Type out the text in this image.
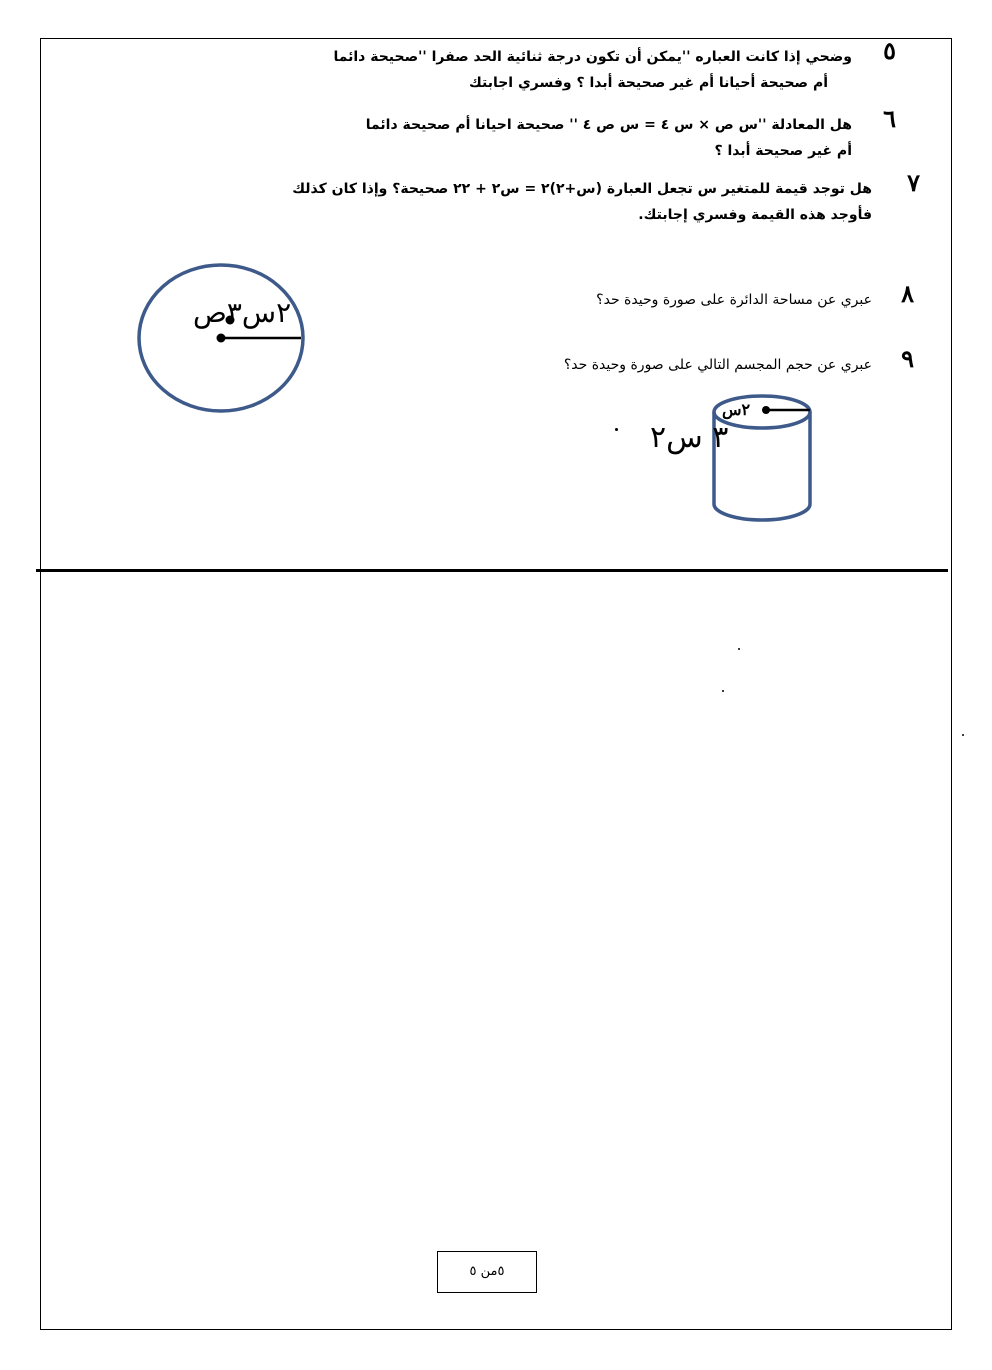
٥
وضحي إذا كانت العباره ''يمكن أن تكون درجة ثنائية الحد صفرا ''صحيحة دائما
أم صحيحة أحيانا أم غير صحيحة أبدا ؟ وفسري اجابتك
٦
هل المعادلة ''س ص × س ٤ = س ص ٤ '' صحيحة احيانا أم صحيحة دائما
أم غير صحيحة أبدا ؟
٧
هل توجد قيمة للمتغير س تجعل العبارة (س+٢)٢ = س٢ + ٢٢ صحيحة؟ وإذا كان كذلك
فأوجد هذه القيمة وفسري إجابتك.
٨
عبري عن مساحة الدائرة على صورة وحيدة حد؟
٩
عبري عن حجم المجسم التالي على صورة وحيدة حد؟
٢س٣ص
٢س
٣ س٢
٥من ٥
